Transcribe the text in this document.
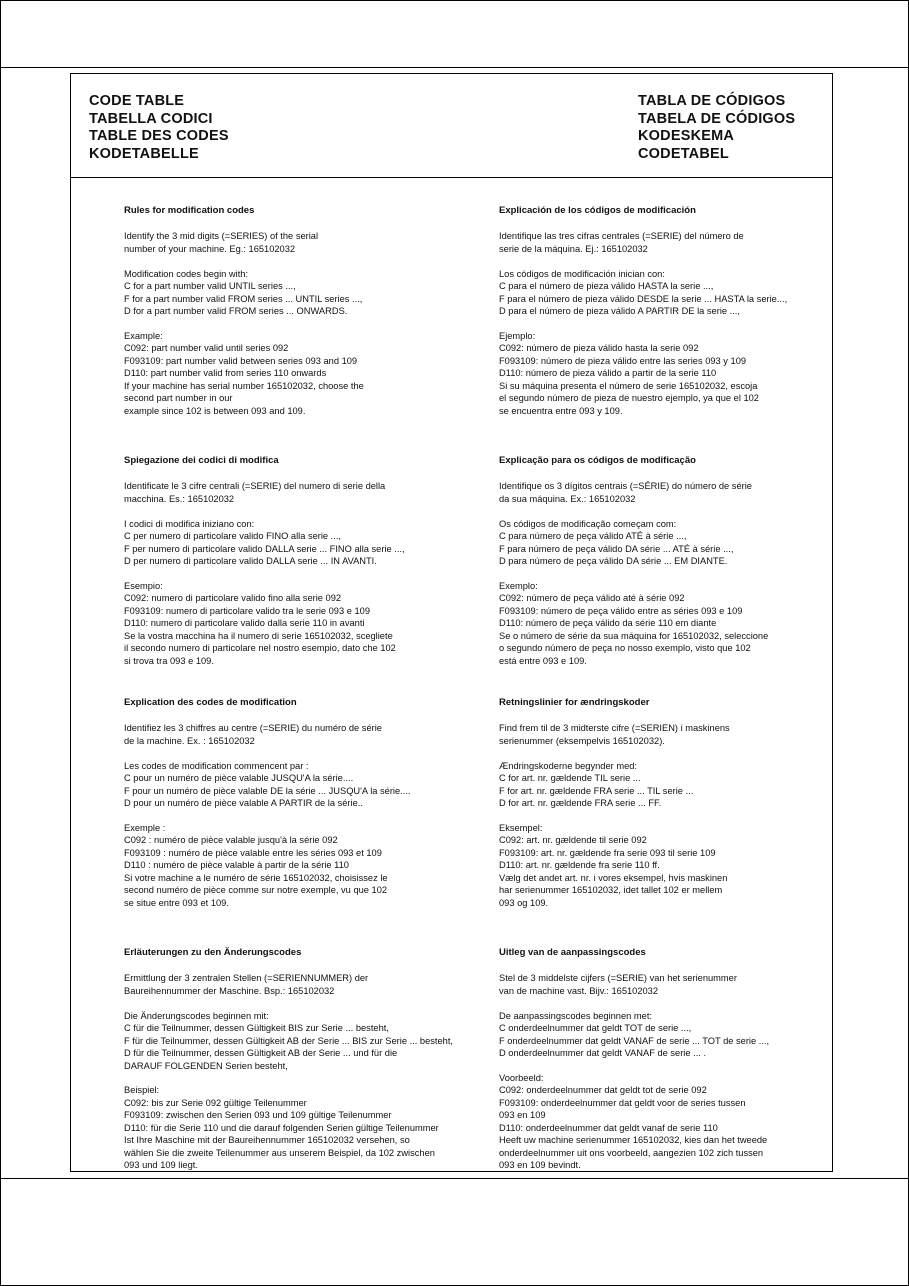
CODE TABLE
TABELLA CODICI
TABLE DES CODES
KODETABELLE
TABLA DE CÓDIGOS
TABELA DE CÓDIGOS
KODESKEMA
CODETABEL
Rules for modification codes
Identify the 3 mid digits (=SERIES) of the serial
number of your machine. Eg.: 165102032
Modification codes begin with:
C for a part number valid UNTIL series ...,
F for a part number valid FROM series ... UNTIL series ...,
D for a part number valid FROM series ... ONWARDS.
Example:
C092: part number valid until series 092
F093109: part number valid between series 093 and 109
D110: part number valid from series 110 onwards
If your machine has serial number 165102032, choose the
second part number in our
example since 102 is between 093 and 109.
Explicación de los códigos de modificación
Identifique las tres cifras centrales (=SERIE) del número de
serie de la máquina. Ej.: 165102032
Los códigos de modificación inician con:
C para el número de pieza válido HASTA la serie ...,
F para el número de pieza válido DESDE la serie ... HASTA la serie...,
D para el número de pieza válido A PARTIR DE la serie ...,
Ejemplo:
C092: número de pieza válido hasta la serie 092
F093109: número de pieza válido entre las series 093 y 109
D110: número de pieza válido a partir de la serie 110
Si su máquina presenta el número de serie 165102032, escoja
el segundo número de pieza de nuestro ejemplo, ya que el 102
se encuentra entre 093 y 109.
Spiegazione dei codici di modifica
Identificate le 3 cifre centrali (=SERIE) del numero di serie della
macchina. Es.: 165102032
I codici di modifica iniziano con:
C per numero di particolare valido FINO alla serie ...,
F per numero di particolare valido DALLA serie ... FINO alla serie ...,
D per numero di particolare valido DALLA serie ... IN AVANTI.
Esempio:
C092: numero di particolare valido fino alla serie 092
F093109: numero di particolare valido tra le serie 093 e 109
D110: numero di particolare valido dalla serie 110 in avanti
Se la vostra macchina ha il numero di serie 165102032, scegliete
il secondo numero di particolare nel nostro esempio, dato che 102
si trova tra 093 e 109.
Explicação para os códigos de modificação
Identifique os 3 dígitos centrais (=SÉRIE) do número de série
da sua máquina. Ex.: 165102032
Os códigos de modificação começam com:
C para número de peça válido ATÉ à série ...,
F para número de peça válido DA série ... ATÉ à série ...,
D para número de peça válido DA série ... EM DIANTE.
Exemplo:
C092: número de peça válido até à série 092
F093109: número de peça válido entre as séries 093 e 109
D110: número de peça válido da série 110 em diante
Se o número de série da sua máquina for 165102032, seleccione
o segundo número de peça no nosso exemplo, visto que 102
está entre 093 e 109.
Explication des codes de modification
Identifiez les 3 chiffres au centre (=SERIE) du numéro de série
de la machine. Ex. : 165102032
Les codes de modification commencent par :
C pour un numéro de pièce valable JUSQU'A la série....
F pour un numéro de pièce valable DE la série ... JUSQU'A la série....
D pour un numéro de pièce valable A PARTIR de la série..
Exemple :
C092 : numéro de pièce valable jusqu'à la série 092
F093109 : numéro de pièce valable entre les séries 093 et 109
D110 : numéro de pièce valable à partir de la série 110
Si votre machine a le numéro de série 165102032, choisissez le
second numéro de pièce comme sur notre exemple, vu que 102
se situe entre 093 et 109.
Retningslinier for ændringskoder
Find frem til de 3 midterste cifre (=SERIEN) i maskinens
serienummer (eksempelvis 165102032).
Ændringskoderne begynder med:
C for art. nr. gældende TIL serie ...
F for art. nr. gældende FRA serie ... TIL serie ...
D for art. nr. gældende FRA serie ... FF.
Eksempel:
C092: art. nr. gældende til serie 092
F093109: art. nr. gældende fra serie 093 til serie 109
D110: art. nr. gældende fra serie 110 ff.
Vælg det andet art. nr. i vores eksempel, hvis maskinen
har serienummer 165102032, idet tallet 102 er mellem
093 og 109.
Erläuterungen zu den Änderungscodes
Ermittlung der 3 zentralen Stellen (=SERIENNUMMER) der
Baureihennummer der Maschine. Bsp.: 165102032
Die Änderungscodes beginnen mit:
C für die Teilnummer, dessen Gültigkeit BIS zur Serie ... besteht,
F für die Teilnummer, dessen Gültigkeit AB der Serie ... BIS zur Serie ... besteht,
D für die Teilnummer, dessen Gültigkeit AB der Serie ... und für die
DARAUF FOLGENDEN Serien besteht,
Beispiel:
C092: bis zur Serie 092 gültige Teilenummer
F093109: zwischen den Serien 093 und 109 gültige Teilenummer
D110: für die Serie 110 und die darauf folgenden Serien gültige Teilenummer
Ist Ihre Maschine mit der Baureihennummer 165102032 versehen, so
wählen Sie die zweite Teilenummer aus unserem Beispiel, da 102 zwischen
093 und 109 liegt.
Uitleg van de aanpassingscodes
Stel de 3 middelste cijfers (=SERIE) van het serienummer
van de machine vast. Bijv.: 165102032
De aanpassingscodes beginnen met:
C onderdeelnummer dat geldt TOT de serie ...,
F onderdeelnummer dat geldt VANAF de serie ... TOT de serie ...,
D onderdeelnummer dat geldt VANAF de serie ... .
Voorbeeld:
C092: onderdeelnummer dat geldt tot de serie 092
F093109: onderdeelnummer dat geldt voor de series tussen
093 en 109
D110: onderdeelnummer dat geldt vanaf de serie 110
Heeft uw machine serienummer 165102032, kies dan het tweede
onderdeelnummer uit ons voorbeeld, aangezien 102 zich tussen
093 en 109 bevindt.
